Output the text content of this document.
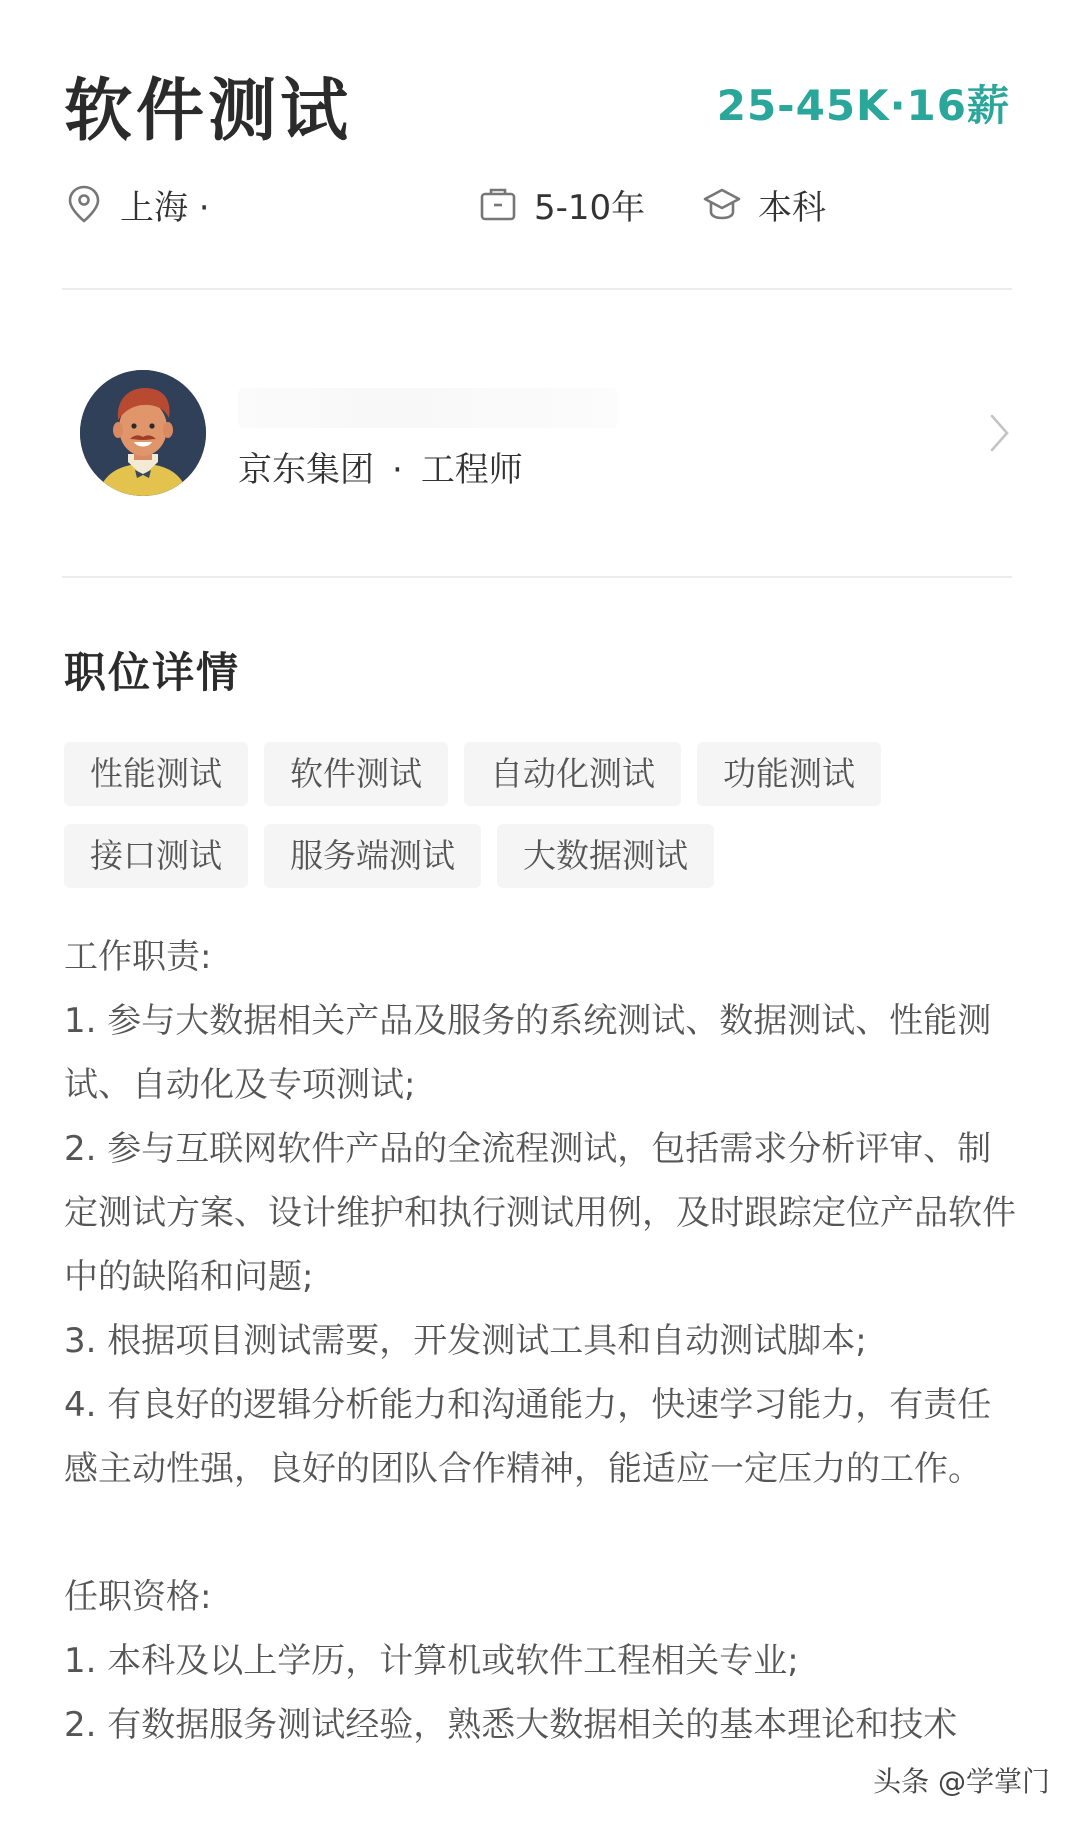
软件测试	25-45K·16薪
上海 ·	5-10年	本科
京东集团 · 工程师
职位详情
性能测试	软件测试	自动化测试	功能测试
接口测试	服务端测试	大数据测试

工作职责:

1. 参与大数据相关产品及服务的系统测试、数据测试、性能测试、自动化及专项测试;

2. 参与互联网软件产品的全流程测试，包括需求分析评审、制定测试方案、设计维护和执行测试用例，及时跟踪定位产品软件中的缺陷和问题;

3. 根据项目测试需要，开发测试工具和自动测试脚本;

4. 有良好的逻辑分析能力和沟通能力，快速学习能力，有责任感主动性强，良好的团队合作精神，能适应一定压力的工作。

任职资格:

1. 本科及以上学历，计算机或软件工程相关专业;

2. 有数据服务测试经验，熟悉大数据相关的基本理论和技术

头条 @学掌门
